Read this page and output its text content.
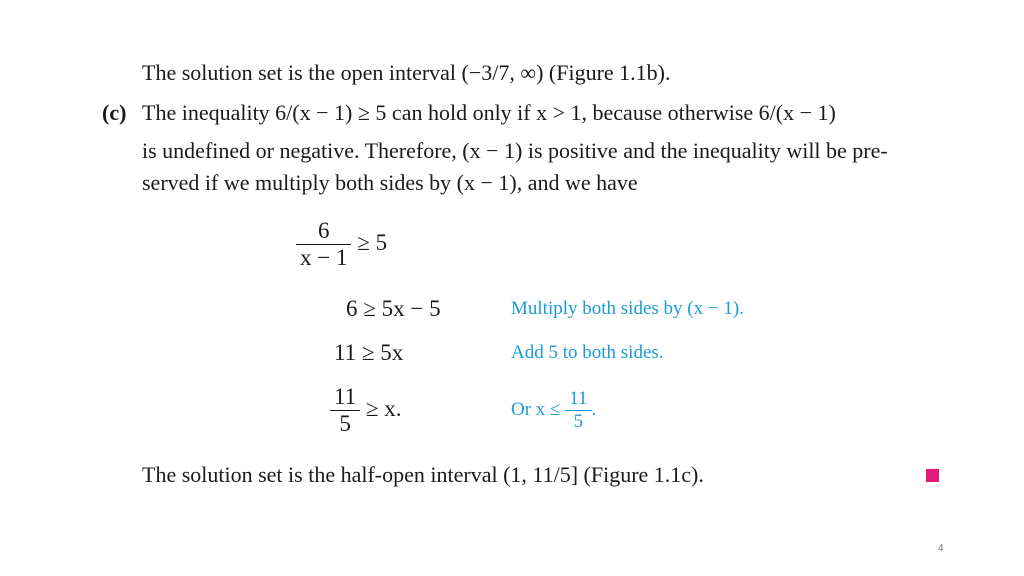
The solution set is the open interval (−3/7, ∞) (Figure 1.1b).
(c) The inequality 6/(x − 1) ≥ 5 can hold only if x > 1, because otherwise 6/(x − 1)
is undefined or negative. Therefore, (x − 1) is positive and the inequality will be pre-
served if we multiply both sides by (x − 1), and we have
$\frac{6}{x - 1} \ge 5$
6 ≥ 5x − 5	Multiply both sides by (x − 1).
11 ≥ 5x	Add 5 to both sides.
$\frac{11}{5} \ge x$.	Or $x \le \frac{11}{5}$ .
The solution set is the half-open interval (1, 11/5] (Figure 1.1c).
4
